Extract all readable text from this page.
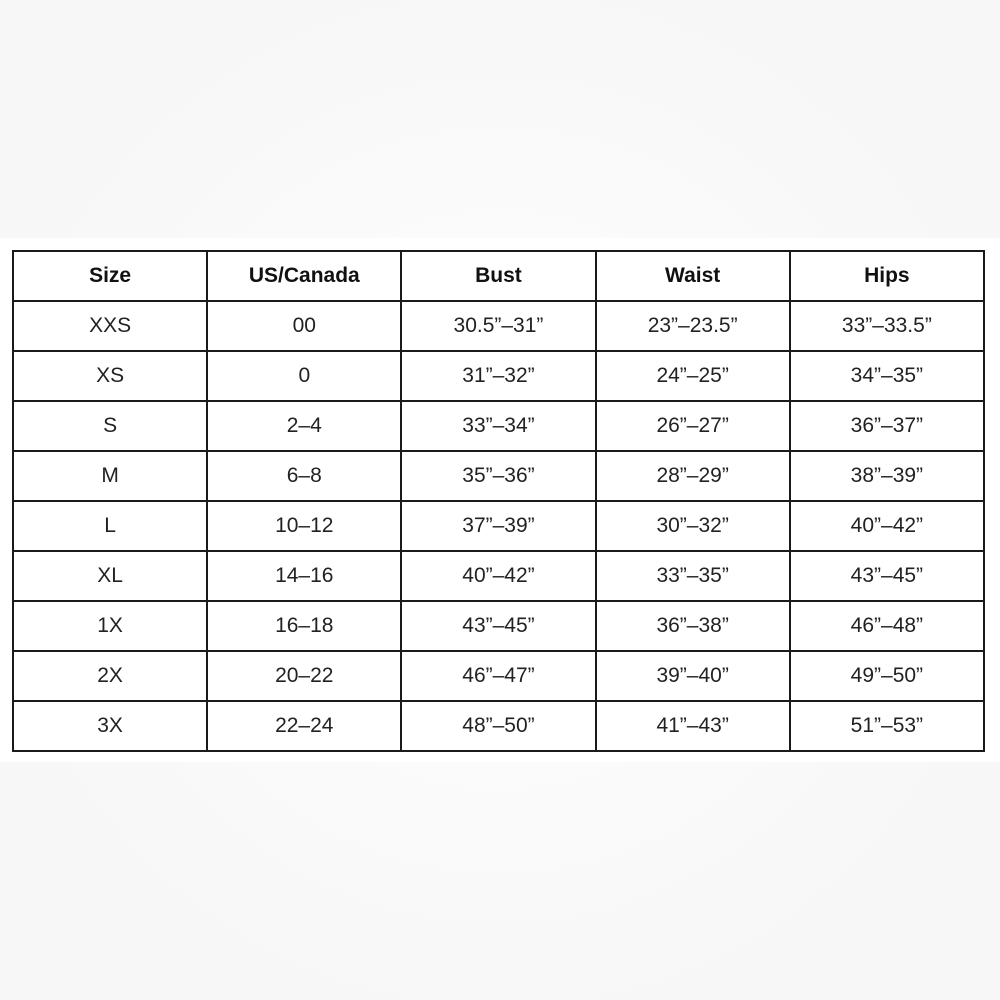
Size	US/Canada	Bust	Waist	Hips
XXS	00	30.5”–31”	23”–23.5”	33”–33.5”
XS	0	31”–32”	24”–25”	34”–35”
S	2–4	33”–34”	26”–27”	36”–37”
M	6–8	35”–36”	28”–29”	38”–39”
L	10–12	37”–39”	30”–32”	40”–42”
XL	14–16	40”–42”	33”–35”	43”–45”
1X	16–18	43”–45”	36”–38”	46”–48”
2X	20–22	46”–47”	39”–40”	49”–50”
3X	22–24	48”–50”	41”–43”	51”–53”
